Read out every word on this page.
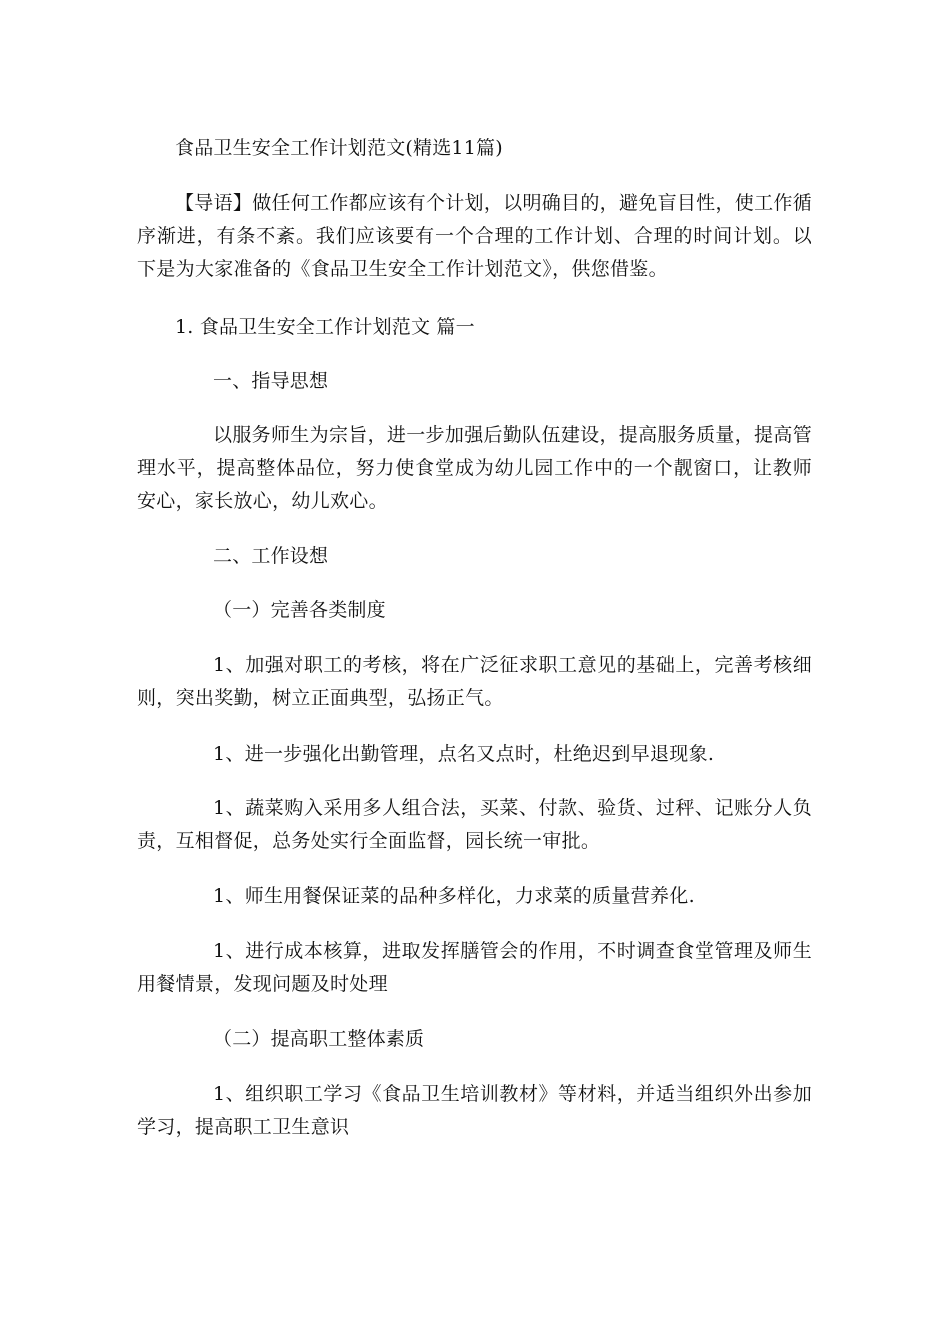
食品卫生安全工作计划范文(精选11篇)
【导语】做任何工作都应该有个计划，以明确目的，避免盲目性，使工作循序渐进，有条不紊。我们应该要有一个合理的工作计划、合理的时间计划。以下是为大家准备的《食品卫生安全工作计划范文》，供您借鉴。
1. 食品卫生安全工作计划范文 篇一
一、指导思想
以服务师生为宗旨，进一步加强后勤队伍建设，提高服务质量，提高管理水平，提高整体品位，努力使食堂成为幼儿园工作中的一个靓窗口，让教师安心，家长放心，幼儿欢心。
二、工作设想
（一）完善各类制度
1、加强对职工的考核，将在广泛征求职工意见的基础上，完善考核细则，突出奖勤，树立正面典型，弘扬正气。
1、进一步强化出勤管理，点名又点时，杜绝迟到早退现象.
1、蔬菜购入采用多人组合法，买菜、付款、验货、过秤、记账分人负责，互相督促，总务处实行全面监督，园长统一审批。
1、师生用餐保证菜的品种多样化，力求菜的质量营养化.
1、进行成本核算，进取发挥膳管会的作用，不时调查食堂管理及师生用餐情景，发现问题及时处理
（二）提高职工整体素质
1、组织职工学习《食品卫生培训教材》等材料，并适当组织外出参加学习，提高职工卫生意识
